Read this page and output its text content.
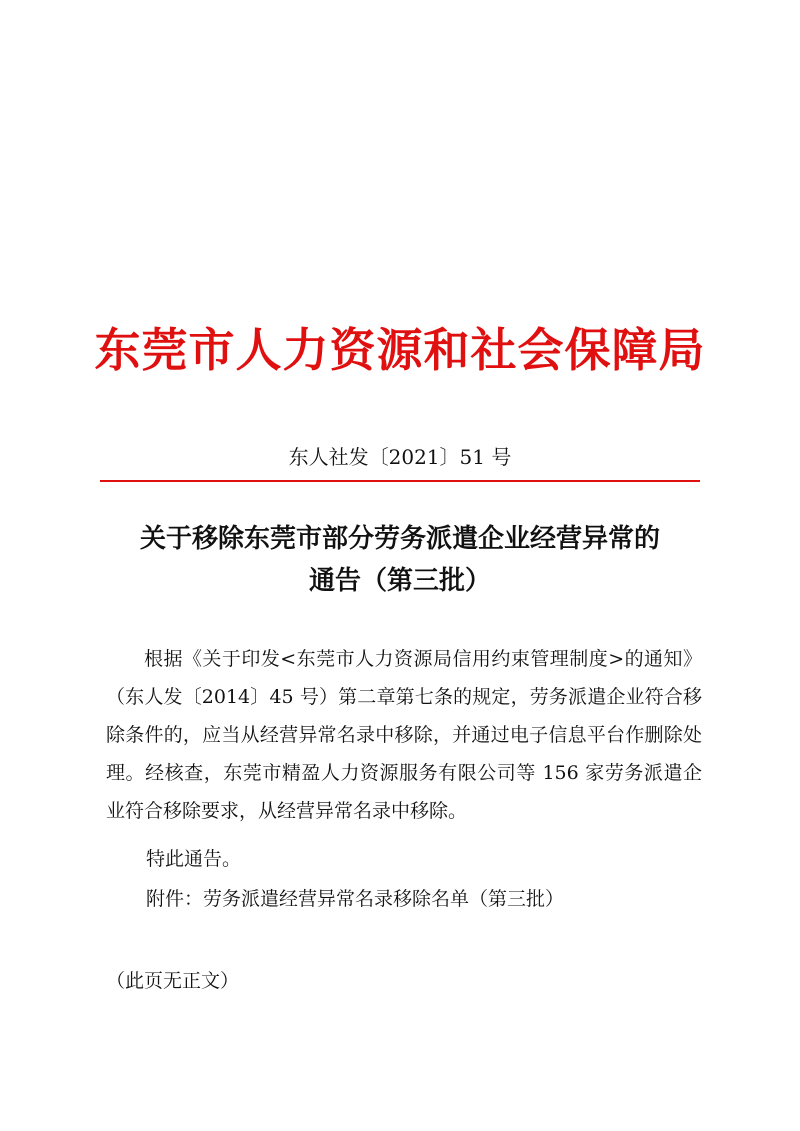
东莞市人力资源和社会保障局
东人社发〔2021〕51 号
关于移除东莞市部分劳务派遣企业经营异常的
通告（第三批）

根据《关于印发<东莞市人力资源局信用约束管理制度>的通知》（东人发〔2014〕45 号）第二章第七条的规定，劳务派遣企业符合移除条件的，应当从经营异常名录中移除，并通过电子信息平台作删除处理。经核查，东莞市精盈人力资源服务有限公司等 156 家劳务派遣企业符合移除要求，从经营异常名录中移除。

特此通告。
附件：劳务派遣经营异常名录移除名单（第三批）
（此页无正文）
